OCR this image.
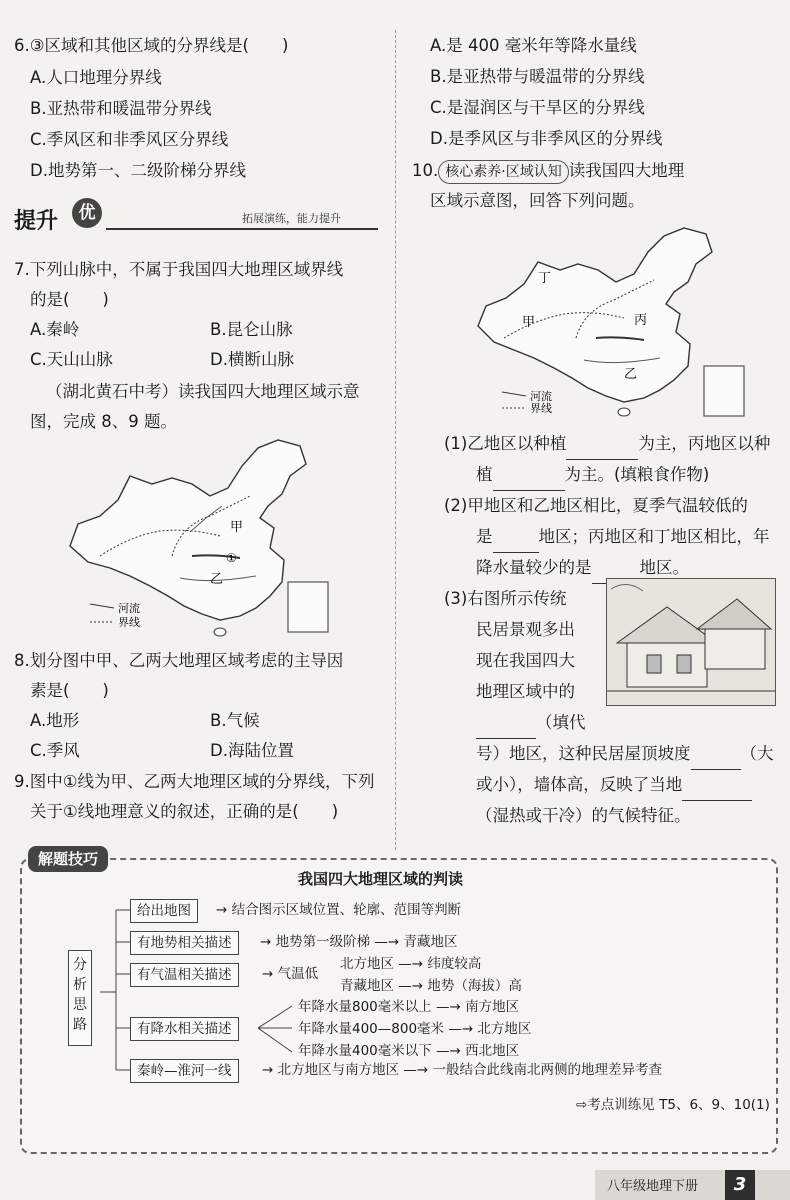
6.③区域和其他区域的分界线是(　　)
A.人口地理分界线
B.亚热带和暖温带分界线
C.季风区和非季风区分界线
D.地势第一、二级阶梯分界线
提升	优	拓展演练，能力提升
7.下列山脉中，不属于我国四大地理区域界线
的是(　　)
A.秦岭	B.昆仑山脉
C.天山山脉	D.横断山脉
（湖北黄石中考）读我国四大地理区域示意
图，完成 8、9 题。
甲
乙
①
河流
界线
8.划分图中甲、乙两大地理区域考虑的主导因
素是(　　)
A.地形	B.气候
C.季风	D.海陆位置
9.图中①线为甲、乙两大地理区域的分界线，下列
关于①线地理意义的叙述，正确的是(　　)
A.是 400 毫米年等降水量线
B.是亚热带与暖温带的分界线
C.是湿润区与干旱区的分界线
D.是季风区与非季风区的分界线
10. 核心素养·区域认知 读我国四大地理
区域示意图，回答下列问题。
丁
甲	丙
乙
河流
界线
(1)乙地区以种植	为主，丙地区以种
植	为主。(填粮食作物)
(2)甲地区和乙地区相比，夏季气温较低的
是	地区；丙地区和丁地区相比，年
降水量较少的是	地区。
(3)右图所示传统
民居景观多出
现在我国四大
地理区域中的
（填代
号）地区，这种民居屋顶坡度	（大
或小），墙体高，反映了当地
（湿热或干冷）的气候特征。
解题技巧
我国四大地理区域的判读
分析思路
给出地图	→ 结合图示区域位置、轮廓、范围等判断
有地势相关描述	→ 地势第一级阶梯 —→ 青藏地区
有气温相关描述	→ 气温低
北方地区 —→ 纬度较高
青藏地区 —→ 地势（海拔）高
有降水相关描述
年降水量800毫米以上 —→ 南方地区
年降水量400—800毫米 —→ 北方地区
年降水量400毫米以下 —→ 西北地区
秦岭—淮河一线	→ 北方地区与南方地区 —→ 一般结合此线南北两侧的地理差异考查
⇨考点训练见 T5、6、9、10(1)
八年级地理下册	3
